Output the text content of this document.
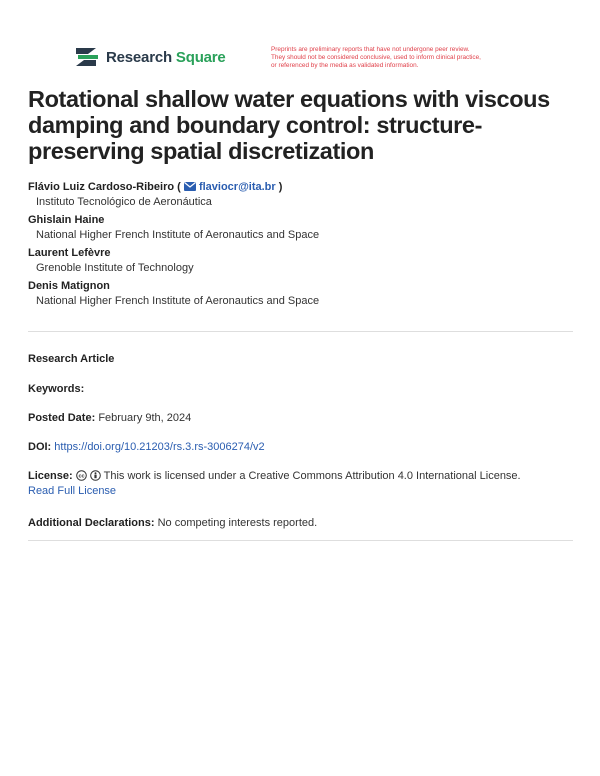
Research Square	Preprints are preliminary reports that have not undergone peer review.
They should not be considered conclusive, used to inform clinical practice,
or referenced by the media as validated information.
Rotational shallow water equations with viscous damping and boundary control: structure-preserving spatial discretization
Flávio Luiz Cardoso-Ribeiro ( flaviocr@ita.br )
Instituto Tecnológico de Aeronáutica
Ghislain Haine
National Higher French Institute of Aeronautics and Space
Laurent Lefèvre
Grenoble Institute of Technology
Denis Matignon
National Higher French Institute of Aeronautics and Space
Research Article
Keywords:
Posted Date: February 9th, 2024
DOI: https://doi.org/10.21203/rs.3.rs-3006274/v2
License: cc This work is licensed under a Creative Commons Attribution 4.0 International License.
Read Full License
Additional Declarations: No competing interests reported.
